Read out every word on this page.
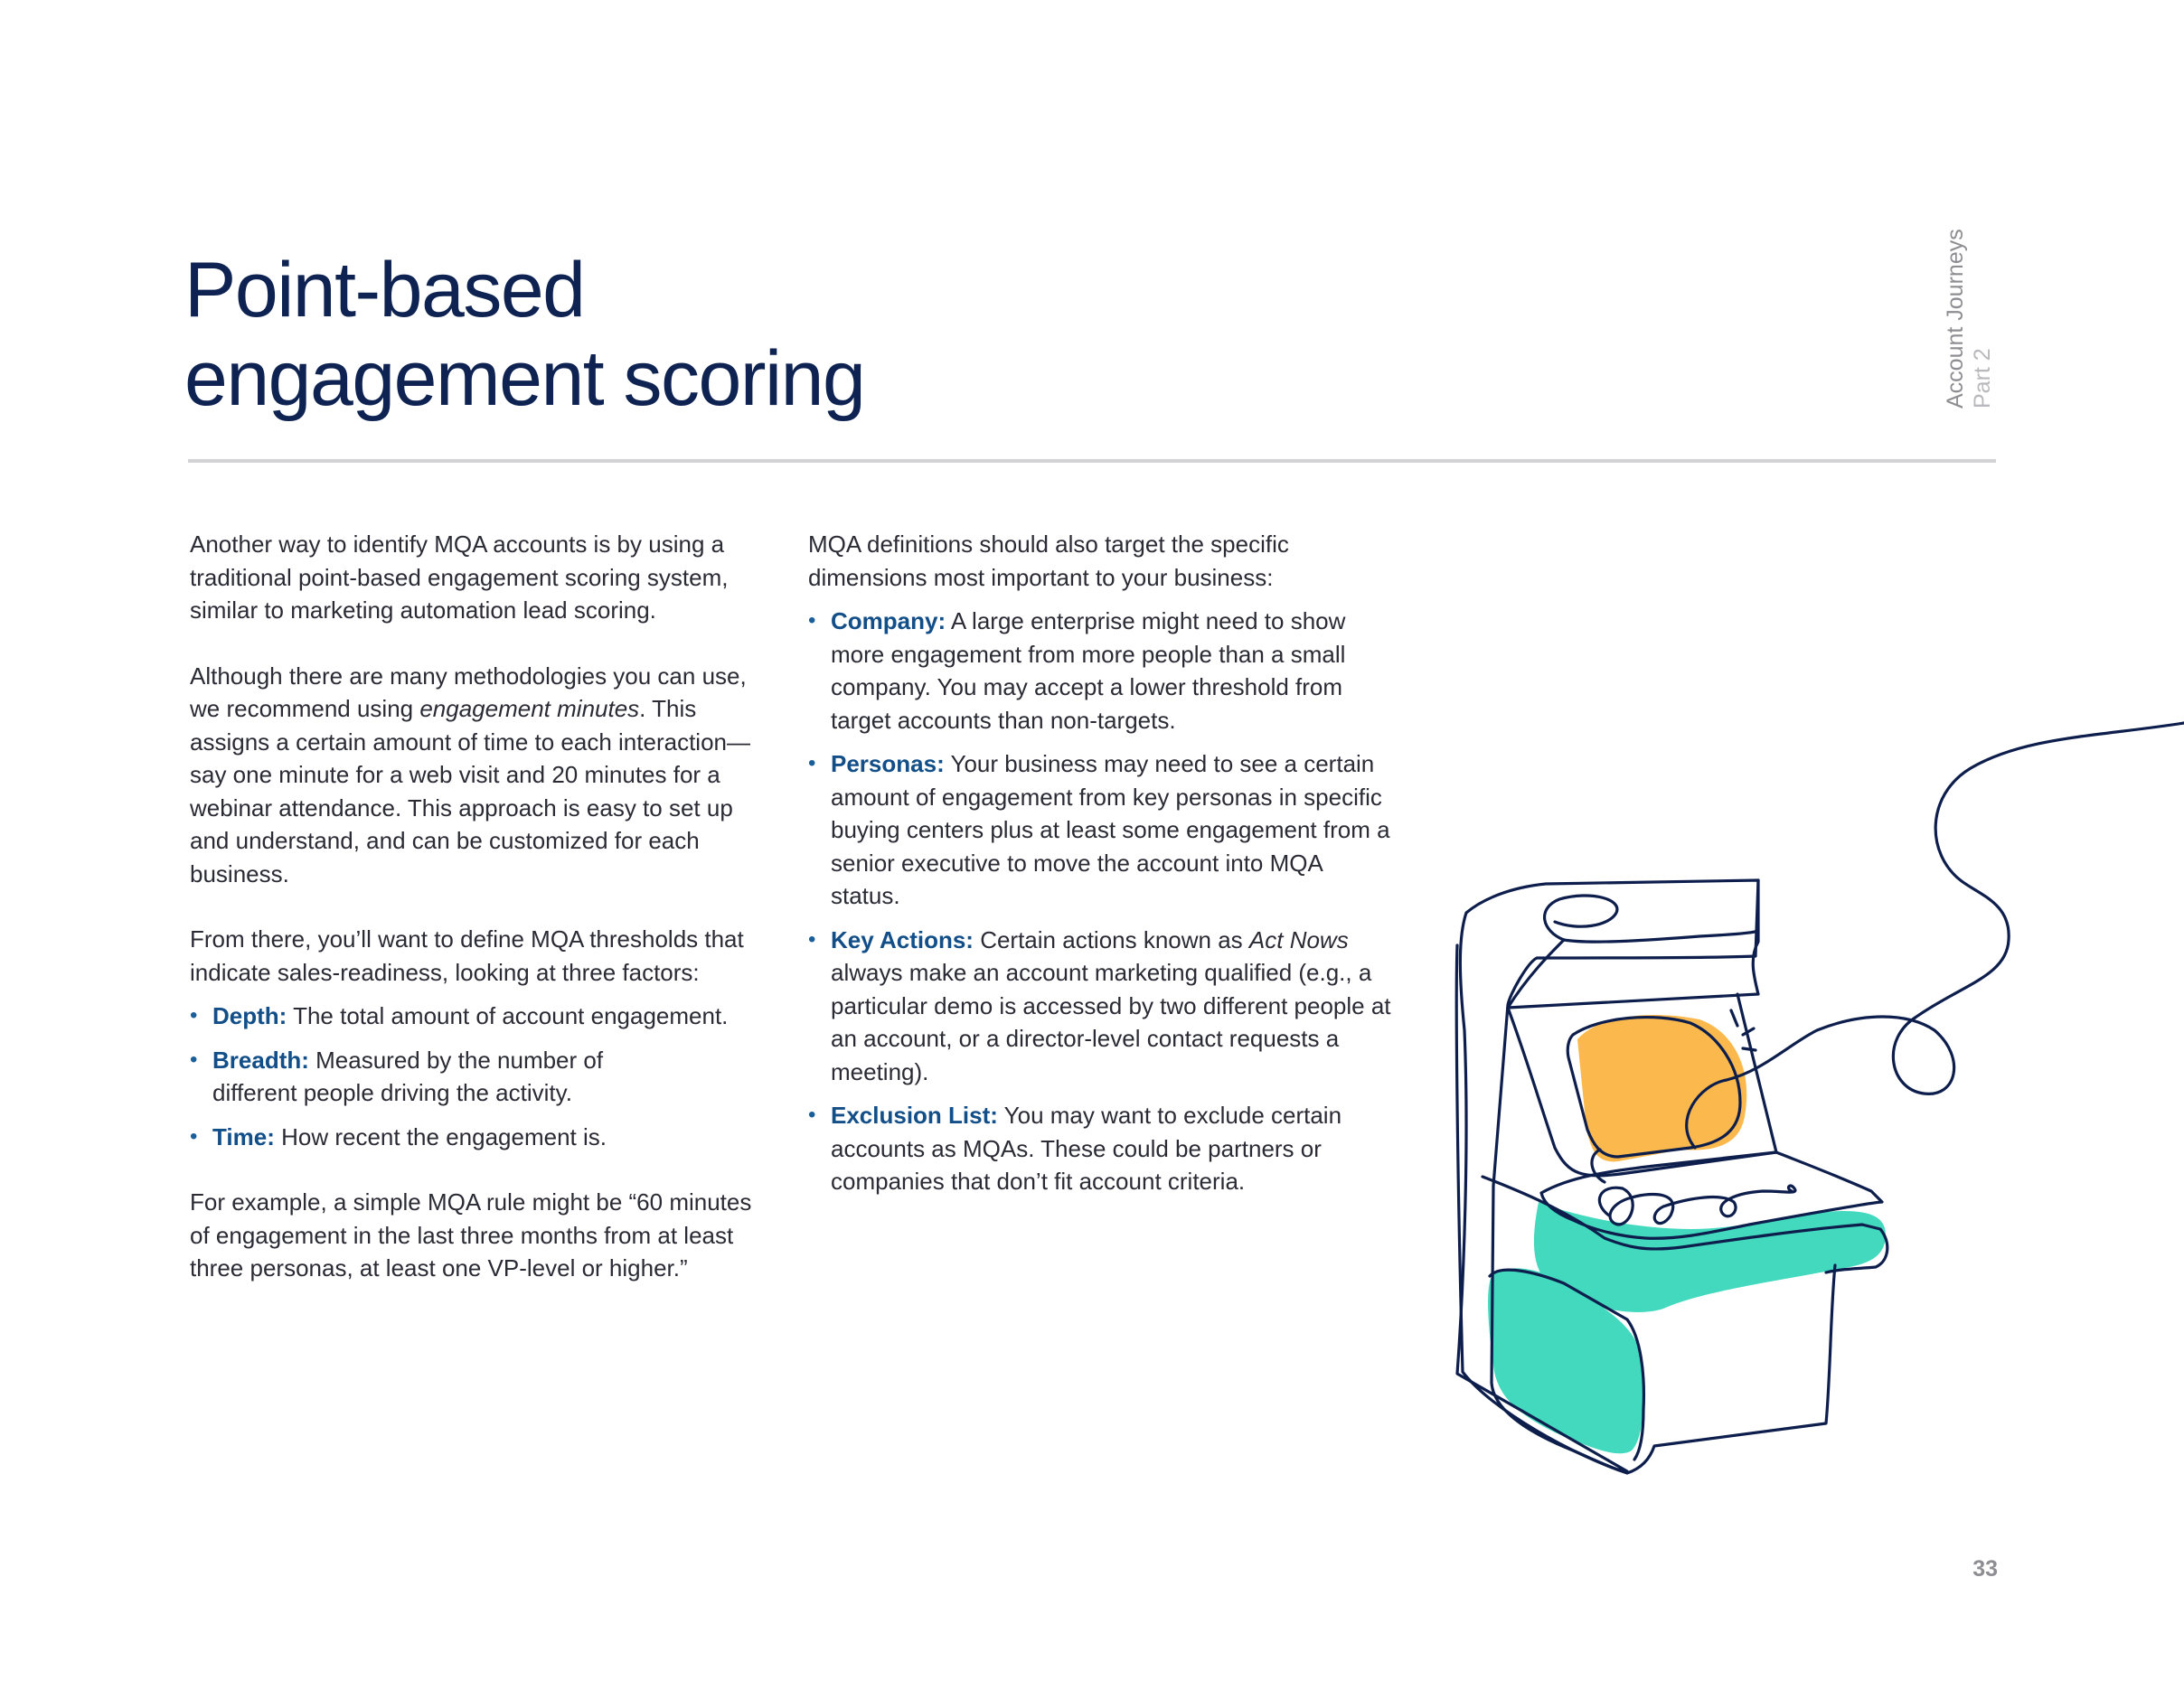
Point-based
engagement scoring	Account Journeys Part 2

Another way to identify MQA accounts is by using a traditional point-based engagement scoring system, similar to marketing automation lead scoring.

Although there are many methodologies you can use, we recommend using engagement minutes. This assigns a certain amount of time to each interaction— say one minute for a web visit and 20 minutes for a webinar attendance. This approach is easy to set up and understand, and can be customized for each business.

From there, you’ll want to define MQA thresholds that indicate sales-readiness, looking at three factors:

• Depth: The total amount of account engagement.
• Breadth: Measured by the number of different people driving the activity.
• Time: How recent the engagement is.

For example, a simple MQA rule might be “60 minutes of engagement in the last three months from at least three personas, at least one VP-level or higher.”

MQA definitions should also target the specific dimensions most important to your business:

• Company: A large enterprise might need to show more engagement from more people than a small company. You may accept a lower threshold from target accounts than non-targets.
• Personas: Your business may need to see a certain amount of engagement from key personas in specific buying centers plus at least some engagement from a senior executive to move the account into MQA status.
• Key Actions: Certain actions known as Act Nows always make an account marketing qualified (e.g., a particular demo is accessed by two different people at an account, or a director-level contact requests a meeting).
• Exclusion List: You may want to exclude certain accounts as MQAs. These could be partners or companies that don’t fit account criteria.
33
